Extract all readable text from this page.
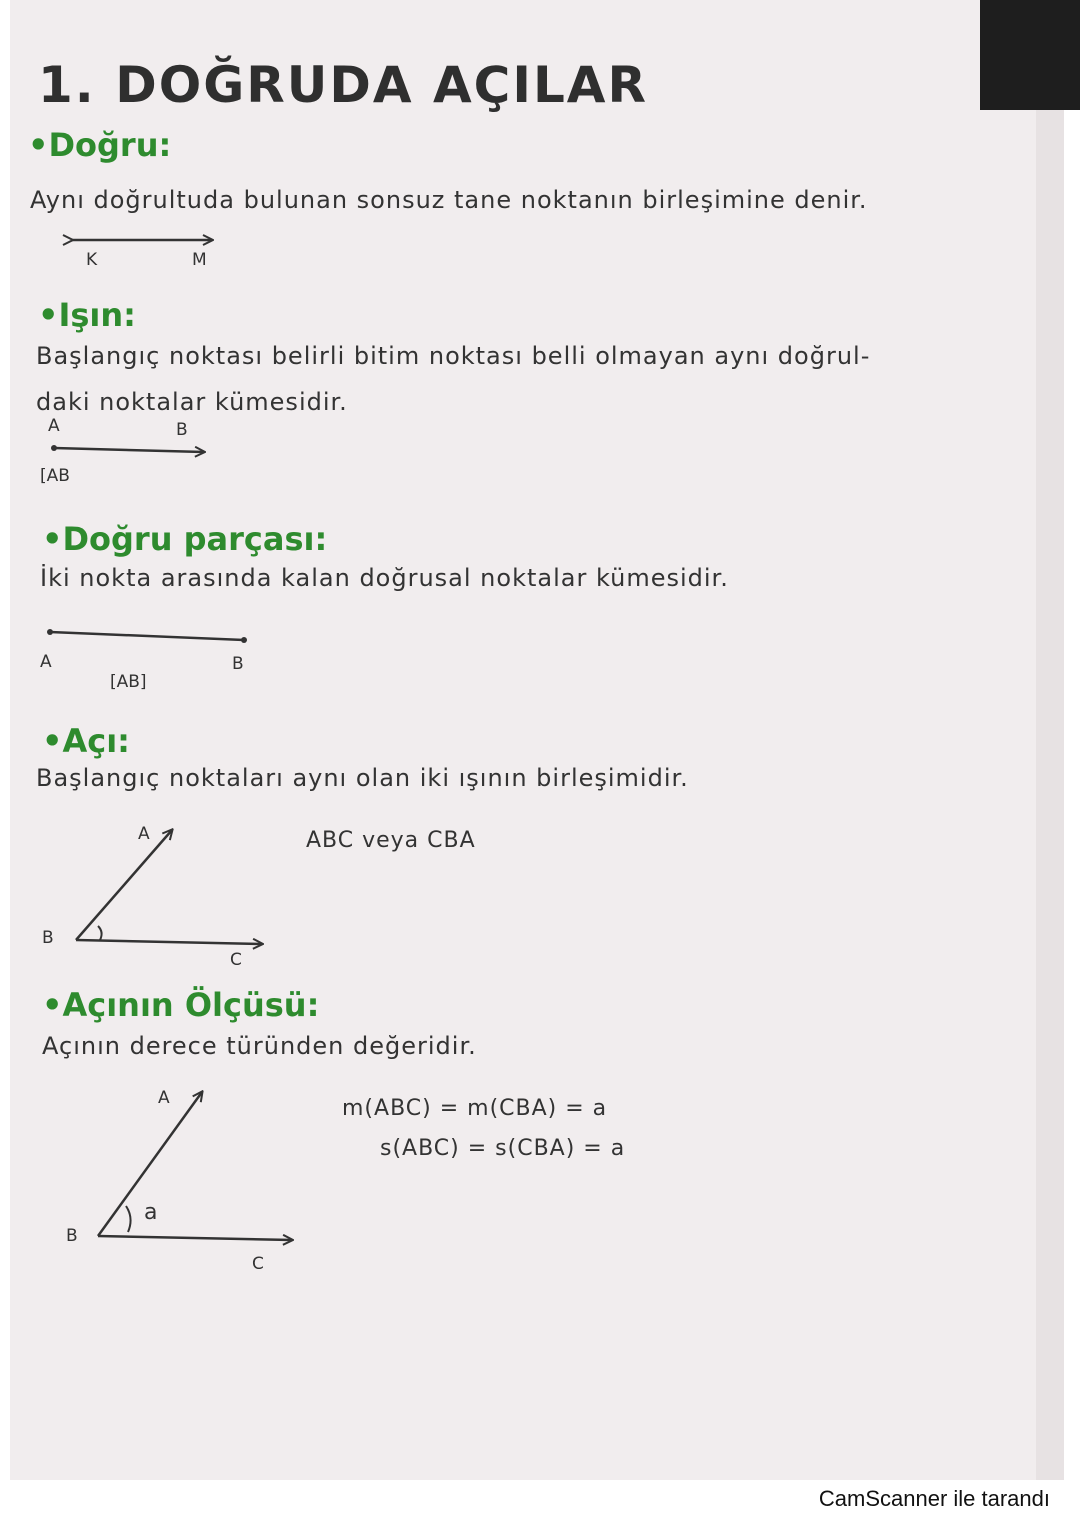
1. DOĞRUDA AÇILAR
•Doğru:
Aynı doğrultuda bulunan sonsuz tane noktanın birleşimine denir.
K	M
•Işın:
Başlangıç noktası belirli bitim noktası belli olmayan aynı doğrul-
daki noktalar kümesidir.
A	B
[AB
•Doğru parçası:
İki nokta arasında kalan doğrusal noktalar kümesidir.
A	B
[AB]
•Açı:
Başlangıç noktaları aynı olan iki ışının birleşimidir.
A
B
C
ABC veya CBA
•Açının Ölçüsü:
Açının derece türünden değeridir.
A
B
C
a
m(ABC) = m(CBA) = a
s(ABC) = s(CBA) = a
CamScanner ile tarandı
